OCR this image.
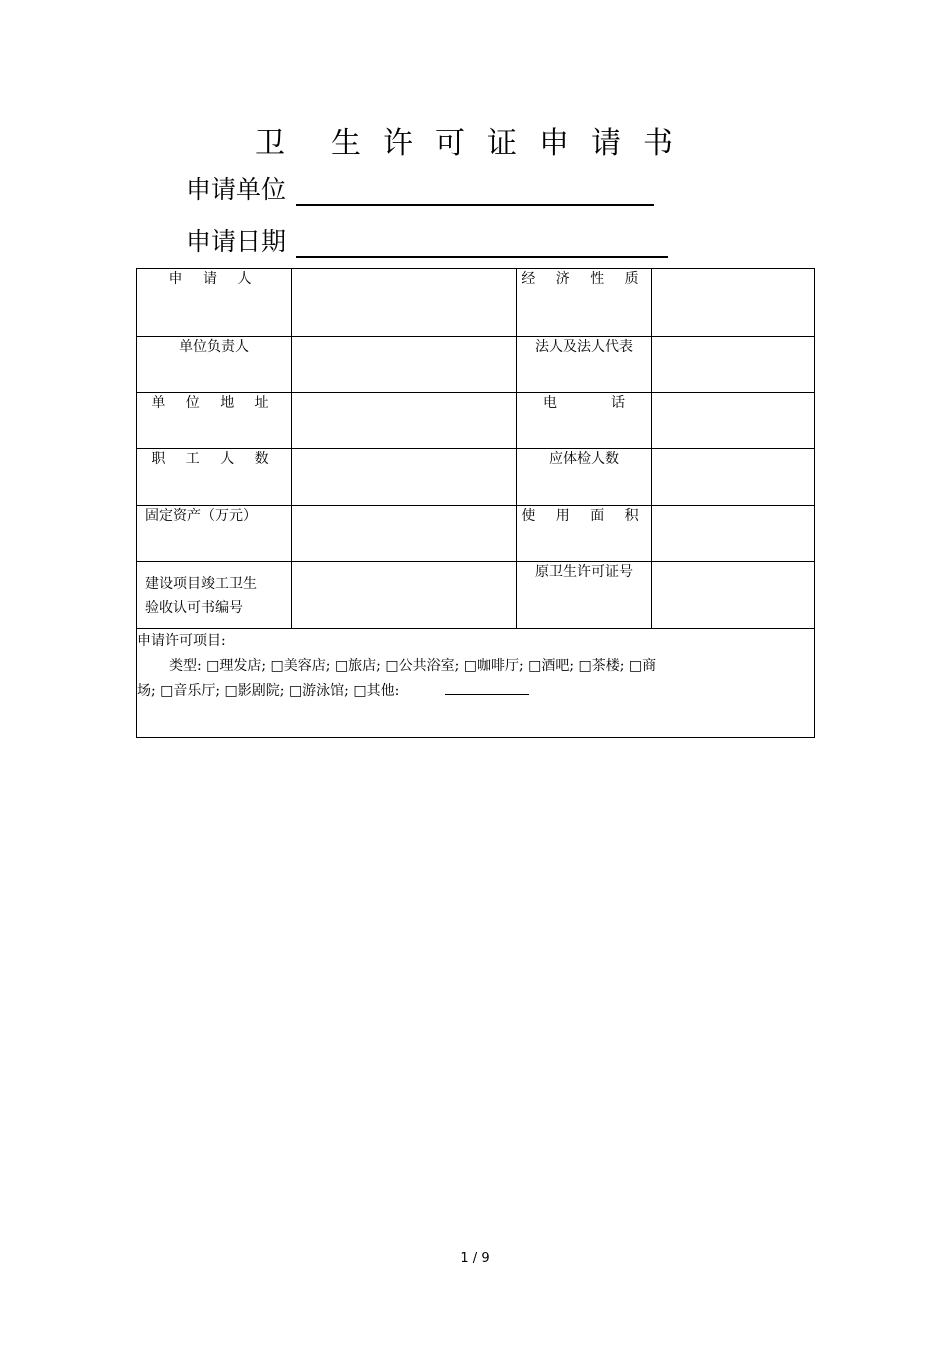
卫 生许可证申请书
申请单位
申请日期
申 请 人		经 济 性 质	
单位负责人		法人及法人代表	
单 位 地 址		电 话	
职 工 人 数		应体检人数	
固定资产（万元）		使 用 面 积	
建设项目竣工卫生
验收认可书编号		原卫生许可证号	

申请许可项目:
类型: □理发店; □美容店; □旅店; □公共浴室; □咖啡厅; □酒吧; □茶楼; □商
场; □音乐厅; □影剧院; □游泳馆; □其他:			
1 / 9
